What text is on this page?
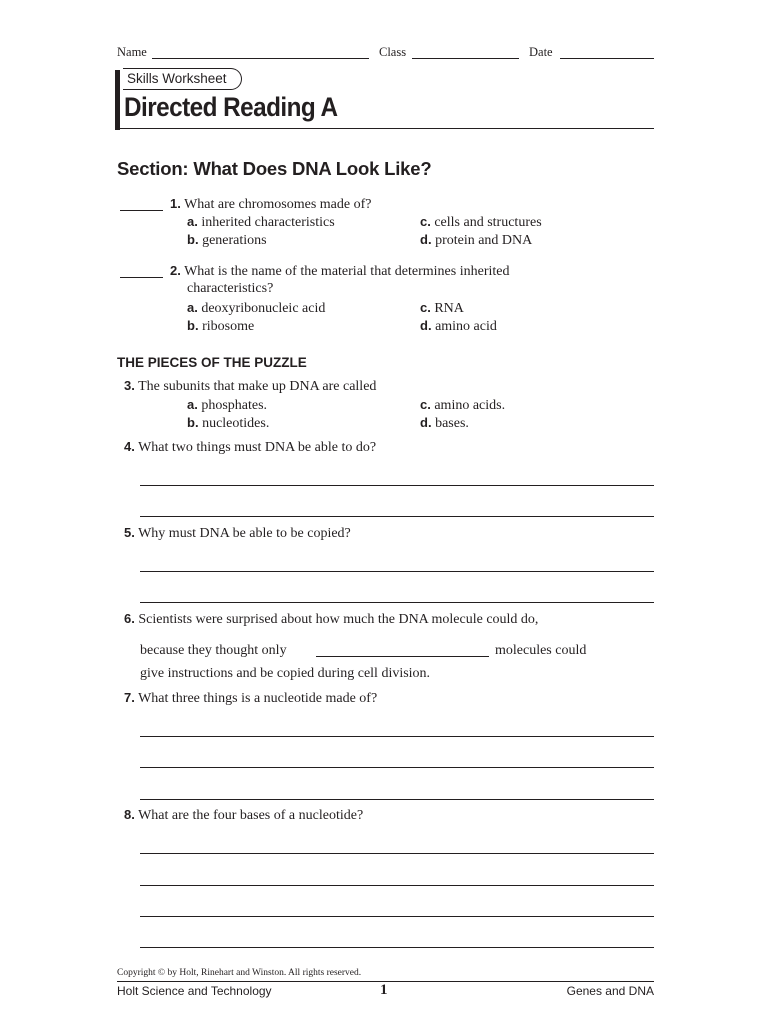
Name	Class	Date
Skills Worksheet
Directed Reading A
Section: What Does DNA Look Like?
1. What are chromosomes made of?
a. inherited characteristics
b. generations
c. cells and structures
d. protein and DNA
2. What is the name of the material that determines inherited
characteristics?
a. deoxyribonucleic acid
b. ribosome
c. RNA
d. amino acid
THE PIECES OF THE PUZZLE
3. The subunits that make up DNA are called
a. phosphates.
b. nucleotides.
c. amino acids.
d. bases.
4. What two things must DNA be able to do?
5. Why must DNA be able to be copied?
6. Scientists were surprised about how much the DNA molecule could do,
because they thought only	molecules could
give instructions and be copied during cell division.
7. What three things is a nucleotide made of?
8. What are the four bases of a nucleotide?
Copyright © by Holt, Rinehart and Winston. All rights reserved.
Holt Science and Technology	1	Genes and DNA
